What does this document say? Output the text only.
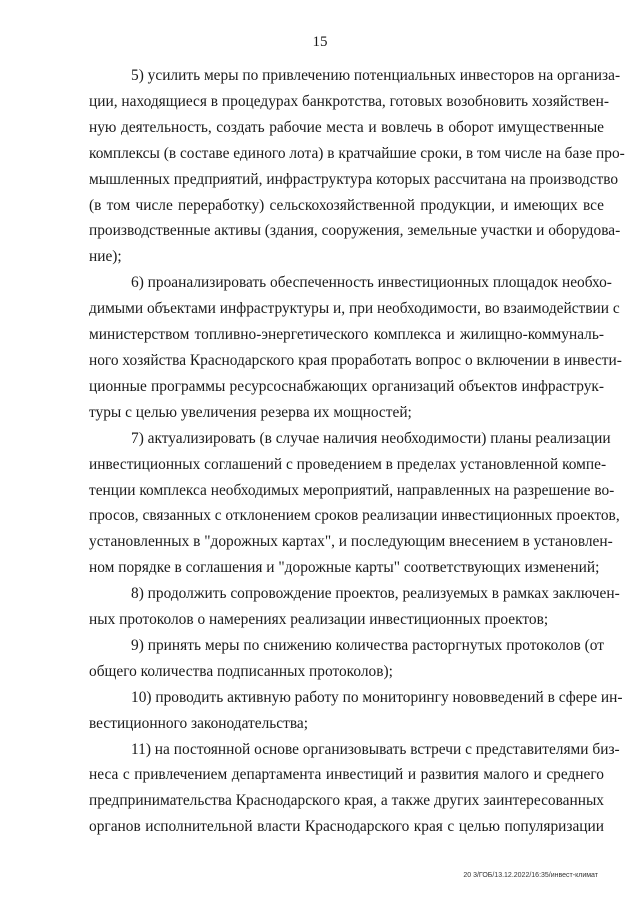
15

5) усилить меры по привлечению потенциальных инвесторов на организа-
ции, находящиеся в процедурах банкротства, готовых возобновить хозяйствен-
ную деятельность, создать рабочие места и вовлечь в оборот имущественные
комплексы (в составе единого лота) в кратчайшие сроки, в том числе на базе про-
мышленных предприятий, инфраструктура которых рассчитана на производство
(в том числе переработку) сельскохозяйственной продукции, и имеющих все
производственные активы (здания, сооружения, земельные участки и оборудова-
ние);

6) проанализировать обеспеченность инвестиционных площадок необхо-
димыми объектами инфраструктуры и, при необходимости, во взаимодействии с
министерством топливно-энергетического комплекса и жилищно-коммуналь-
ного хозяйства Краснодарского края проработать вопрос о включении в инвести-
ционные программы ресурсоснабжающих организаций объектов инфраструк-
туры с целью увеличения резерва их мощностей;

7) актуализировать (в случае наличия необходимости) планы реализации
инвестиционных соглашений с проведением в пределах установленной компе-
тенции комплекса необходимых мероприятий, направленных на разрешение во-
просов, связанных с отклонением сроков реализации инвестиционных проектов,
установленных в "дорожных картах", и последующим внесением в установлен-
ном порядке в соглашения и "дорожные карты" соответствующих изменений;

8) продолжить сопровождение проектов, реализуемых в рамках заключен-
ных протоколов о намерениях реализации инвестиционных проектов;

9) принять меры по снижению количества расторгнутых протоколов (от
общего количества подписанных протоколов);

10) проводить активную работу по мониторингу нововведений в сфере ин-
вестиционного законодательства;

11) на постоянной основе организовывать встречи с представителями биз-
неса с привлечением департамента инвестиций и развития малого и среднего
предпринимательства Краснодарского края, а также других заинтересованных
органов исполнительной власти Краснодарского края с целью популяризации

20 3/ГОБ/13.12.2022/16:35/инвест-климат
